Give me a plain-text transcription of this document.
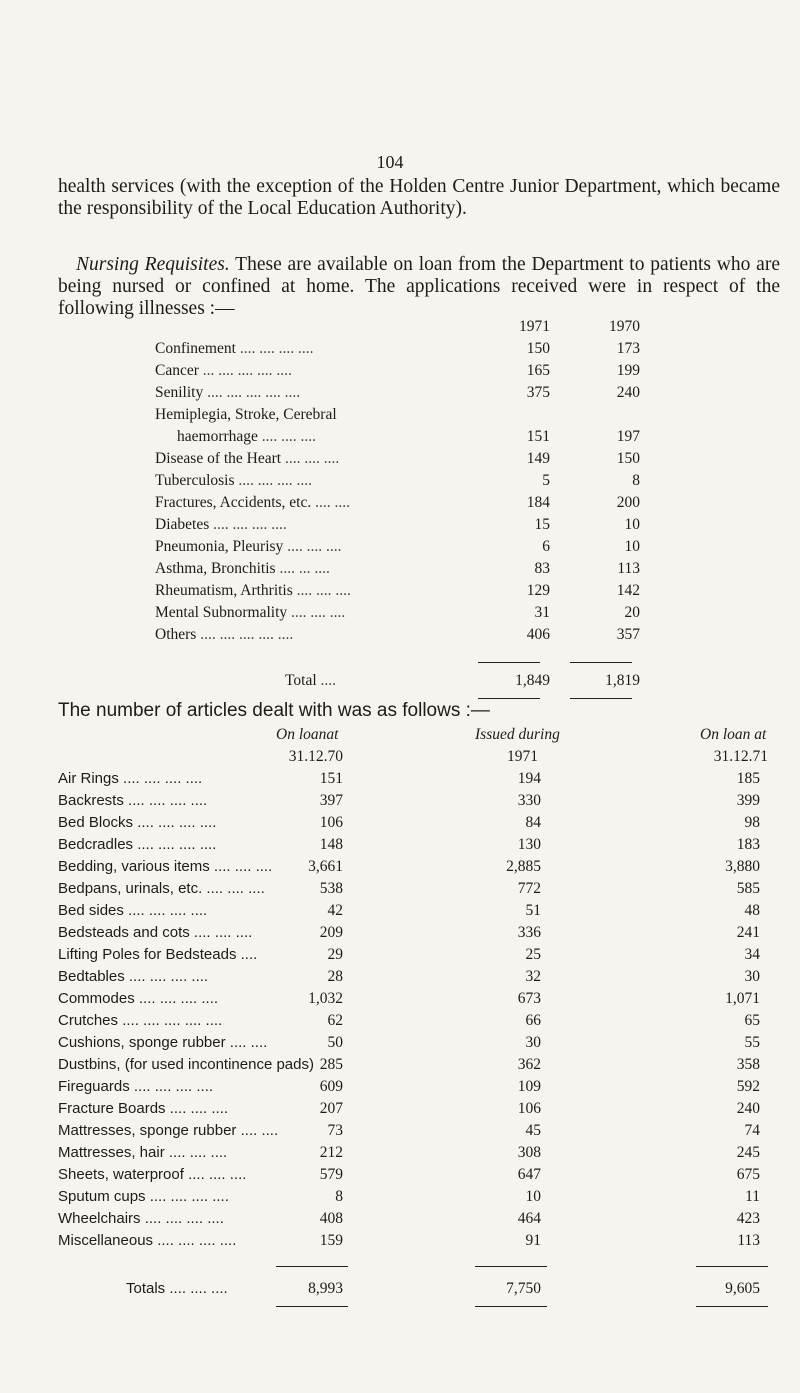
104
health services (with the exception of the Holden Centre Junior Department, which became the responsibility of the Local Education Authority).
Nursing Requisites. These are available on loan from the Department to patients who are being nursed or confined at home. The applications received were in respect of the following illnesses :—
1971	1970
Confinement .... .... .... ....	150	173
Cancer ... .... .... .... ....	165	199
Senility .... .... .... .... ....	375	240
Hemiplegia, Stroke, Cerebral
haemorrhage .... .... ....	151	197
Disease of the Heart .... .... ....	149	150
Tuberculosis .... .... .... ....	5	8
Fractures, Accidents, etc. .... ....	184	200
Diabetes .... .... .... ....	15	10
Pneumonia, Pleurisy .... .... ....	6	10
Asthma, Bronchitis .... ... ....	83	113
Rheumatism, Arthritis .... .... ....	129	142
Mental Subnormality .... .... ....	31	20
Others .... .... .... .... ....	406	357
Total ....	1,849	1,819
The number of articles dealt with was as follows :—
On loanat	Issued during	On loan at
31.12.70	1971	31.12.71
Air Rings .... .... .... ....	151	194	185
Backrests .... .... .... ....	397	330	399
Bed Blocks .... .... .... ....	106	84	98
Bedcradles .... .... .... ....	148	130	183
Bedding, various items .... .... ....	3,661	2,885	3,880
Bedpans, urinals, etc. .... .... ....	538	772	585
Bed sides .... .... .... ....	42	51	48
Bedsteads and cots .... .... ....	209	336	241
Lifting Poles for Bedsteads ....	29	25	34
Bedtables .... .... .... ....	28	32	30
Commodes .... .... .... ....	1,032	673	1,071
Crutches .... .... .... .... ....	62	66	65
Cushions, sponge rubber .... ....	50	30	55
Dustbins, (for used incontinence pads) 285	362	358
Fireguards .... .... .... ....	609	109	592
Fracture Boards .... .... ....	207	106	240
Mattresses, sponge rubber .... ....	73	45	74
Mattresses, hair .... .... ....	212	308	245
Sheets, waterproof .... .... ....	579	647	675
Sputum cups .... .... .... ....	8	10	11
Wheelchairs .... .... .... ....	408	464	423
Miscellaneous .... .... .... ....	159	91	113
Totals .... .... ....	8,993	7,750	9,605
